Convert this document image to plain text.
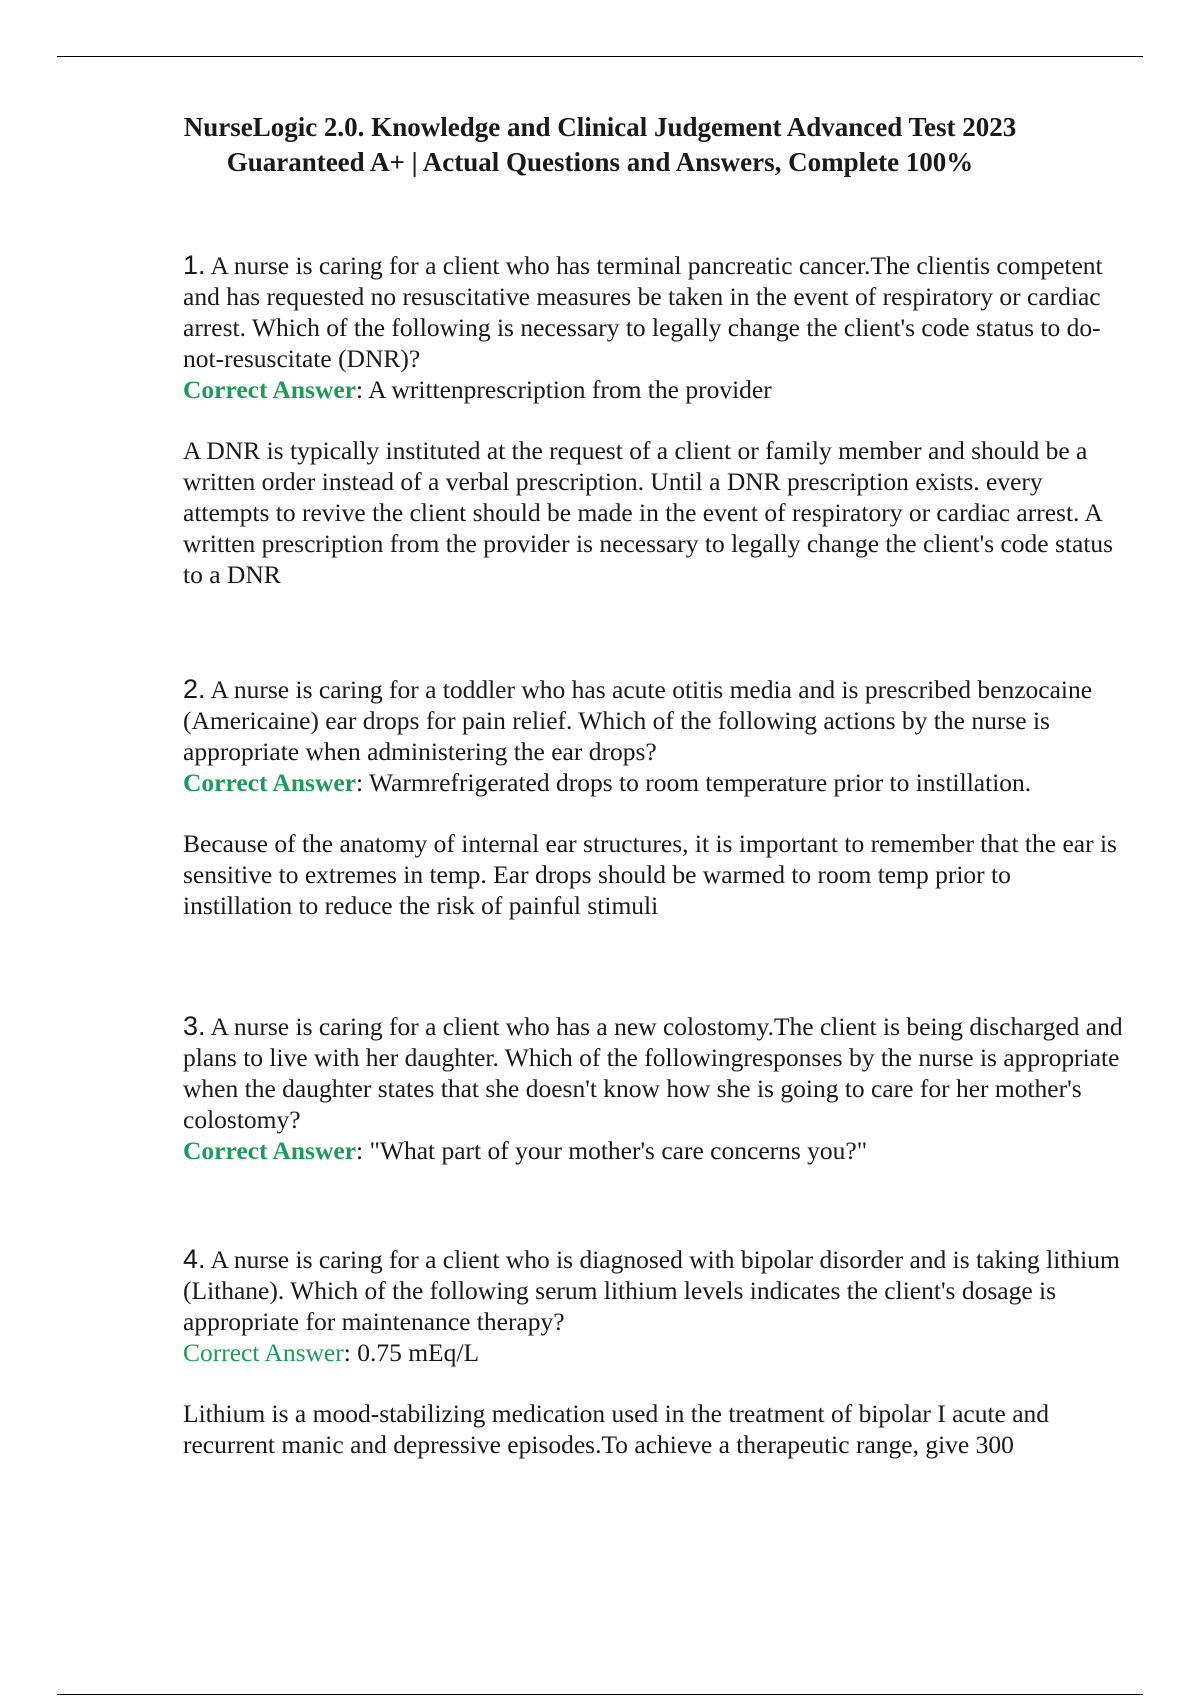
NurseLogic 2.0. Knowledge and Clinical Judgement Advanced Test 2023
Guaranteed A+ | Actual Questions and Answers, Complete 100%

1. A nurse is caring for a client who has terminal pancreatic cancer.The clientis competent and has requested no resuscitative measures be taken in the event of respiratory or cardiac arrest. Which of the following is necessary to legally change the client's code status to do-not-resuscitate (DNR)?

Correct Answer: A writtenprescription from the provider

A DNR is typically instituted at the request of a client or family member and should be a written order instead of a verbal prescription. Until a DNR prescription exists. every attempts to revive the client should be made in the event of respiratory or cardiac arrest. A written prescription from the provider is necessary to legally change the client's code status to a DNR

2. A nurse is caring for a toddler who has acute otitis media and is prescribed benzocaine (Americaine) ear drops for pain relief. Which of the following actions by the nurse is appropriate when administering the ear drops?

Correct Answer: Warmrefrigerated drops to room temperature prior to instillation.

Because of the anatomy of internal ear structures, it is important to remember that the ear is sensitive to extremes in temp. Ear drops should be warmed to room temp prior to instillation to reduce the risk of painful stimuli

3. A nurse is caring for a client who has a new colostomy.The client is being discharged and plans to live with her daughter. Which of the followingresponses by the nurse is appropriate when the daughter states that she doesn't know how she is going to care for her mother's colostomy?

Correct Answer: "What part of your mother's care concerns you?"

4. A nurse is caring for a client who is diagnosed with bipolar disorder and is taking lithium (Lithane). Which of the following serum lithium levels indicates the client's dosage is appropriate for maintenance therapy?

Correct Answer: 0.75 mEq/L

Lithium is a mood-stabilizing medication used in the treatment of bipolar I acute and recurrent manic and depressive episodes.To achieve a therapeutic range, give 300
